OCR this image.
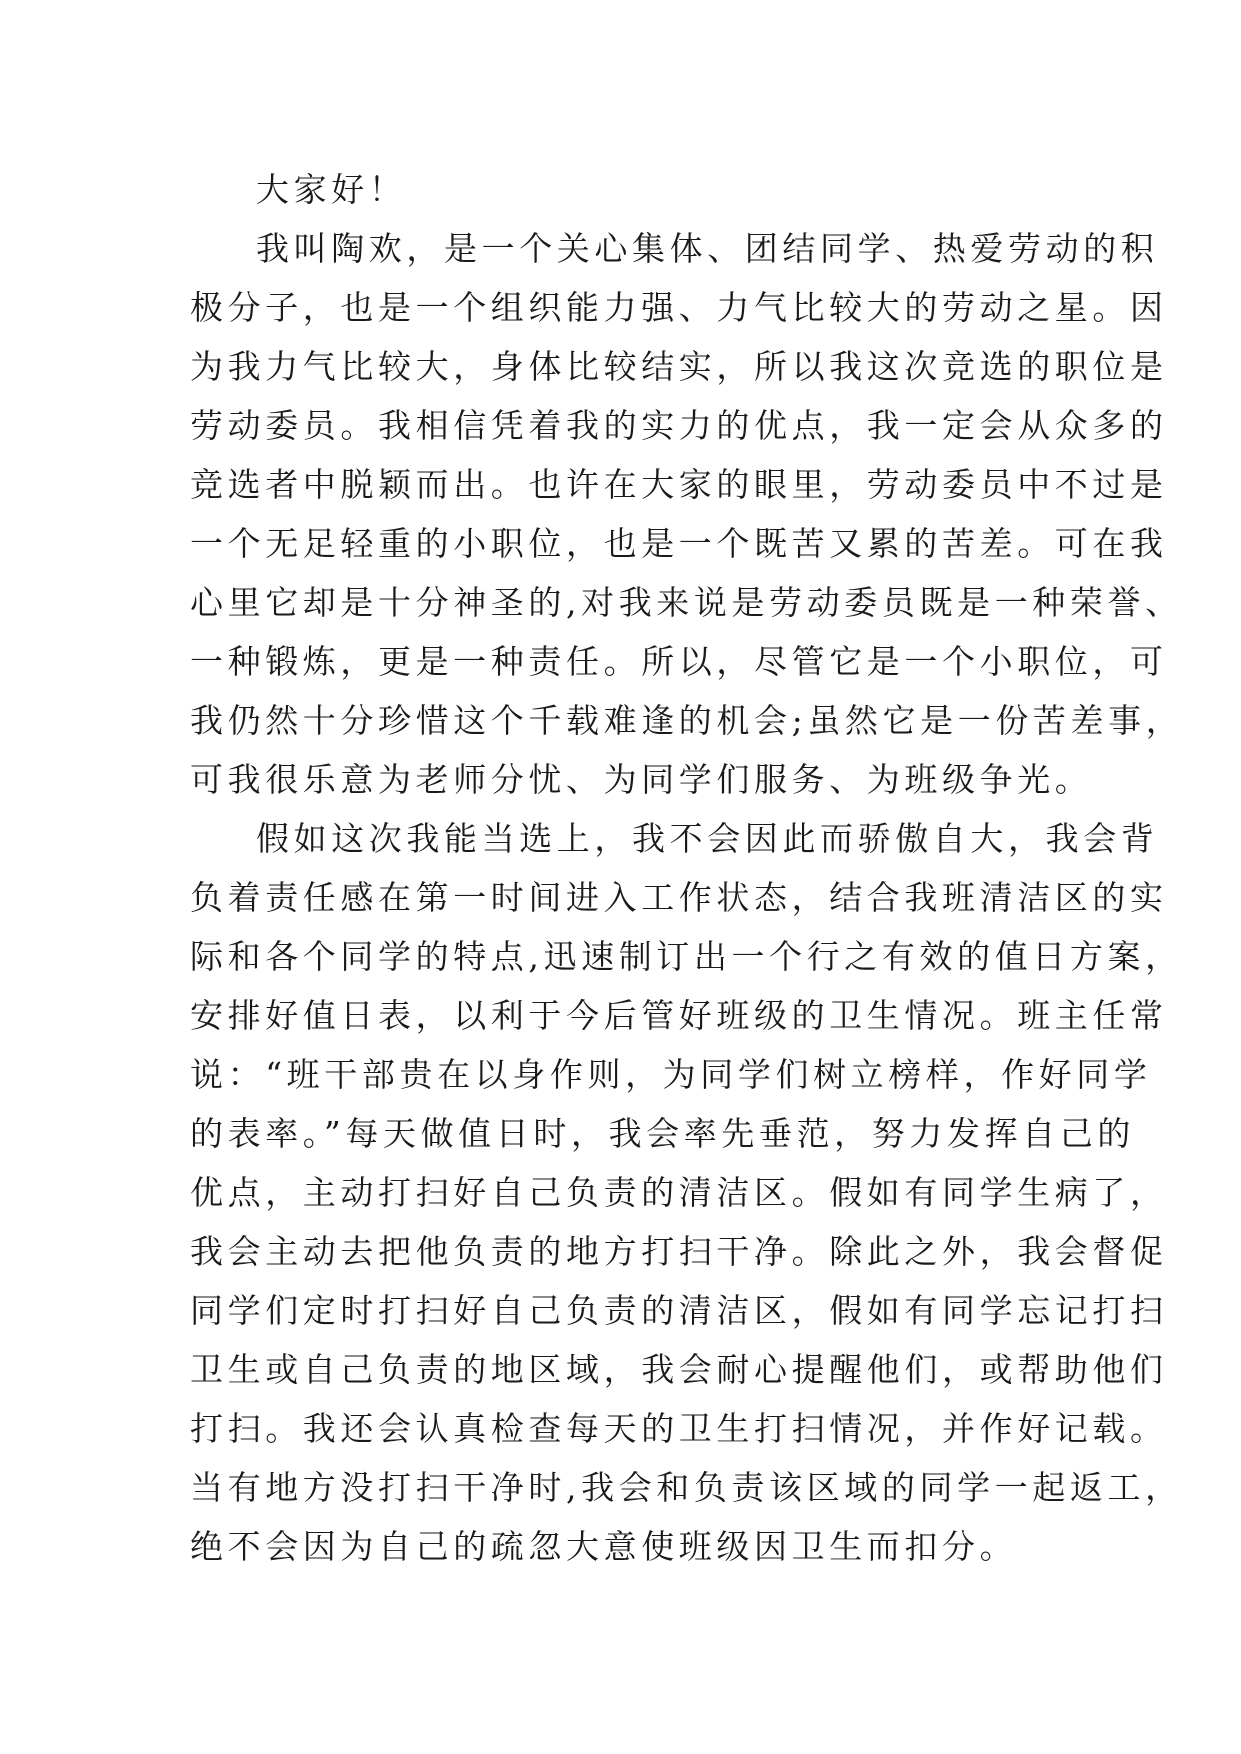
大家好！
我叫陶欢，是一个关心集体、团结同学、热爱劳动的积
极分子，也是一个组织能力强、力气比较大的劳动之星。因
为我力气比较大，身体比较结实，所以我这次竞选的职位是
劳动委员。我相信凭着我的实力的优点，我一定会从众多的
竞选者中脱颖而出。也许在大家的眼里，劳动委员中不过是
一个无足轻重的小职位，也是一个既苦又累的苦差。可在我
心里它却是十分神圣的,对我来说是劳动委员既是一种荣誉、
一种锻炼，更是一种责任。所以，尽管它是一个小职位，可
我仍然十分珍惜这个千载难逢的机会;虽然它是一份苦差事，
可我很乐意为老师分忧、为同学们服务、为班级争光。
假如这次我能当选上，我不会因此而骄傲自大，我会背
负着责任感在第一时间进入工作状态，结合我班清洁区的实
际和各个同学的特点,迅速制订出一个行之有效的值日方案，
安排好值日表，以利于今后管好班级的卫生情况。班主任常
说：“班干部贵在以身作则，为同学们树立榜样，作好同学
的表率。”每天做值日时，我会率先垂范，努力发挥自己的
优点，主动打扫好自己负责的清洁区。假如有同学生病了，
我会主动去把他负责的地方打扫干净。除此之外，我会督促
同学们定时打扫好自己负责的清洁区，假如有同学忘记打扫
卫生或自己负责的地区域，我会耐心提醒他们，或帮助他们
打扫。我还会认真检查每天的卫生打扫情况，并作好记载。
当有地方没打扫干净时,我会和负责该区域的同学一起返工，
绝不会因为自己的疏忽大意使班级因卫生而扣分。
